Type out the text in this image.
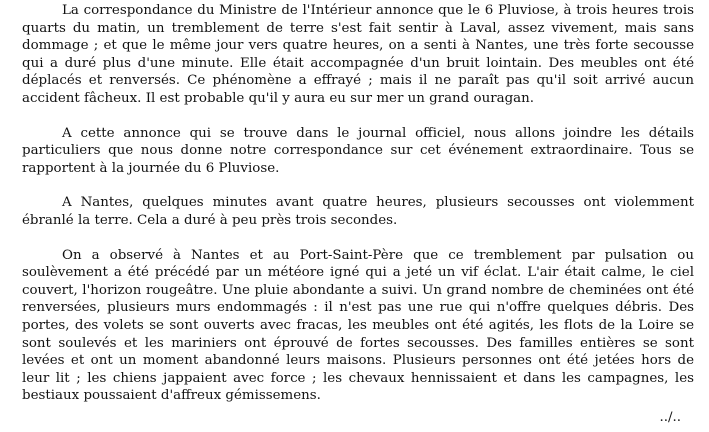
La correspondance du Ministre de l'Intérieur annonce que le 6 Pluviose, à trois heures trois quarts du matin, un tremblement de terre s'est fait sentir à Laval, assez vivement, mais sans dommage ; et que le même jour vers quatre heures, on a senti à Nantes, une très forte secousse qui a duré plus d'une minute. Elle était accompagnée d'un bruit lointain. Des meubles ont été déplacés et renversés. Ce phénomène a effrayé ; mais il ne paraît pas qu'il soit arrivé aucun accident fâcheux. Il est probable qu'il y aura eu sur mer un grand ouragan.

A cette annonce qui se trouve dans le journal officiel, nous allons joindre les détails particuliers que nous donne notre correspondance sur cet événement extraordinaire. Tous se rapportent à la journée du 6 Pluviose.

A Nantes, quelques minutes avant quatre heures, plusieurs secousses ont violemment ébranlé la terre. Cela a duré à peu près trois secondes.

On a observé à Nantes et au Port-Saint-Père que ce tremblement par pulsation ou soulèvement a été précédé par un météore igné qui a jeté un vif éclat. L'air était calme, le ciel couvert, l'horizon rougeâtre. Une pluie abondante a suivi. Un grand nombre de cheminées ont été renversées, plusieurs murs endommagés : il n'est pas une rue qui n'offre quelques débris. Des portes, des volets se sont ouverts avec fracas, les meubles ont été agités, les flots de la Loire se sont soulevés et les mariniers ont éprouvé de fortes secousses. Des familles entières se sont levées et ont un moment abandonné leurs maisons. Plusieurs personnes ont été jetées hors de leur lit ; les chiens jappaient avec force ; les chevaux hennissaient et dans les campagnes, les bestiaux poussaient d'affreux gémissemens.

../..
